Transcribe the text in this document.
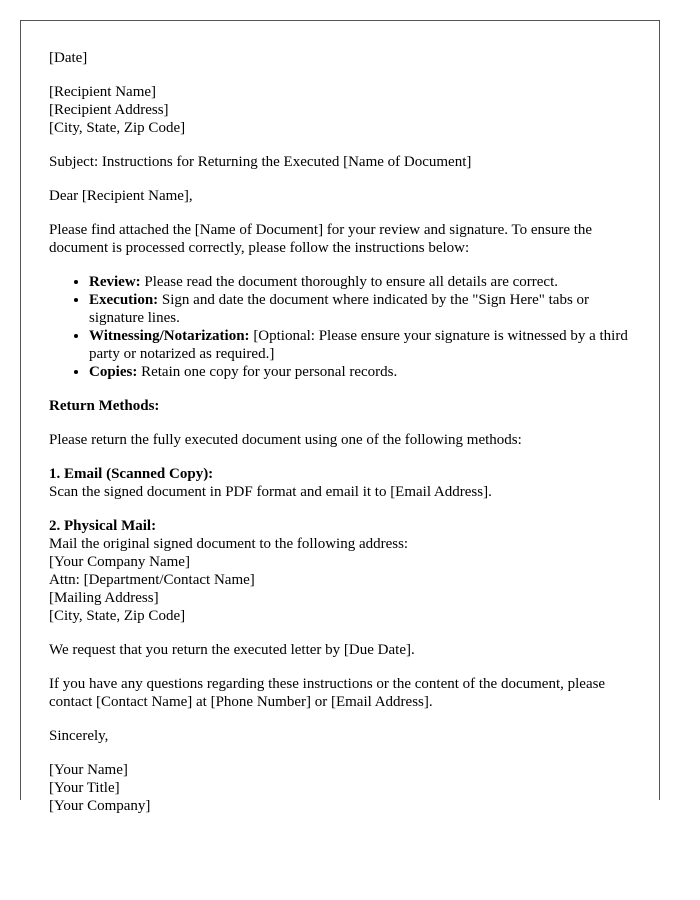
[Date]

[Recipient Name]
[Recipient Address]
[City, State, Zip Code]

Subject: Instructions for Returning the Executed [Name of Document]

Dear [Recipient Name],

Please find attached the [Name of Document] for your review and signature. To ensure the document is processed correctly, please follow the instructions below:

• Review: Please read the document thoroughly to ensure all details are correct.
• Execution: Sign and date the document where indicated by the "Sign Here" tabs or signature lines.
• Witnessing/Notarization: [Optional: Please ensure your signature is witnessed by a third party or notarized as required.]
• Copies: Retain one copy for your personal records.

Return Methods:

Please return the fully executed document using one of the following methods:

1. Email (Scanned Copy):
Scan the signed document in PDF format and email it to [Email Address].

2. Physical Mail:
Mail the original signed document to the following address:
[Your Company Name]
Attn: [Department/Contact Name]
[Mailing Address]
[City, State, Zip Code]

We request that you return the executed letter by [Due Date].

If you have any questions regarding these instructions or the content of the document, please contact [Contact Name] at [Phone Number] or [Email Address].

Sincerely,

[Your Name]
[Your Title]
[Your Company]
